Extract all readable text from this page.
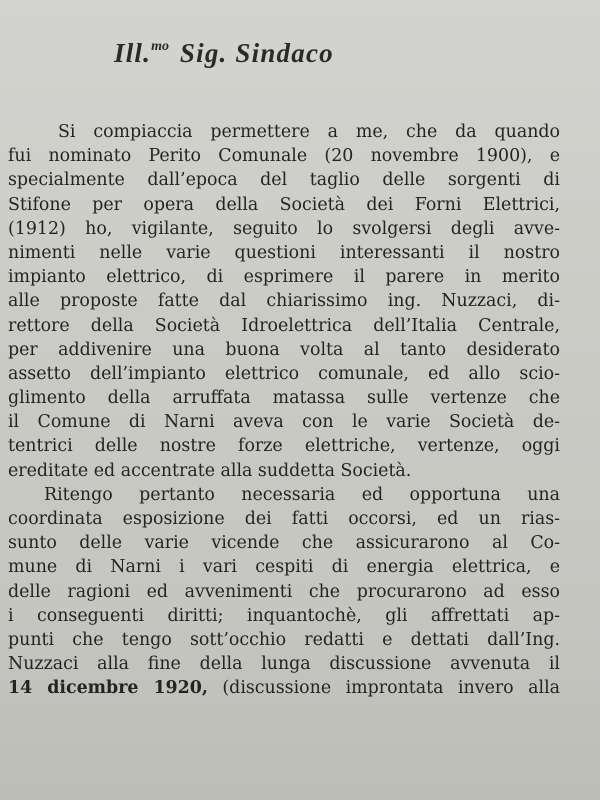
Ill.$^{mo}$ Sig. Sindaco
Si compiaccia permettere a me, che da quando
fui nominato Perito Comunale (20 novembre 1900), e
specialmente dall’epoca del taglio delle sorgenti di
Stifone per opera della Società dei Forni Elettrici,
(1912) ho, vigilante, seguito lo svolgersi degli avve-
nimenti nelle varie questioni interessanti il nostro
impianto elettrico, di esprimere il parere in merito
alle proposte fatte dal chiarissimo ing. Nuzzaci, di-
rettore della Società Idroelettrica dell’Italia Centrale,
per addivenire una buona volta al tanto desiderato
assetto dell’impianto elettrico comunale, ed allo scio-
glimento della arruffata matassa sulle vertenze che
il Comune di Narni aveva con le varie Società de-
tentrici delle nostre forze elettriche, vertenze, oggi
ereditate ed accentrate alla suddetta Società.
Ritengo pertanto necessaria ed opportuna una
coordinata esposizione dei fatti occorsi, ed un rias-
sunto delle varie vicende che assicurarono al Co-
mune di Narni i vari cespiti di energia elettrica, e
delle ragioni ed avvenimenti che procurarono ad esso
i conseguenti diritti; inquantochè, gli affrettati ap-
punti che tengo sott’occhio redatti e dettati dall’Ing.
Nuzzaci alla fine della lunga discussione avvenuta il
14 dicembre 1920, (discussione improntata invero alla
